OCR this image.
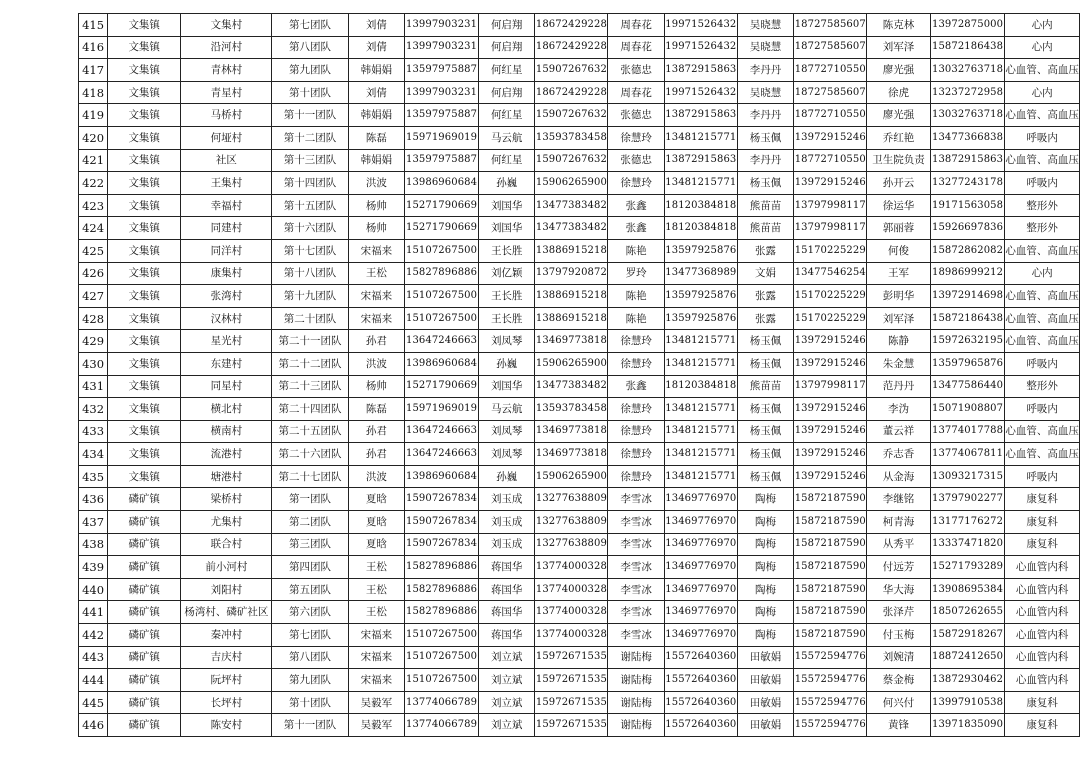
415	文集镇	文集村	第七团队	刘倩	13997903231	何启翔	18672429228	周春花	19971526432	吴晓慧	18727585607	陈克林	13972875000	心内
416	文集镇	沿河村	第八团队	刘倩	13997903231	何启翔	18672429228	周春花	19971526432	吴晓慧	18727585607	刘军泽	15872186438	心内
417	文集镇	青林村	第九团队	韩娟娟	13597975887	何红星	15907267632	张德忠	13872915863	李丹丹	18772710550	廖光强	13032763718	心血管、高血压
418	文集镇	青星村	第十团队	刘倩	13997903231	何启翔	18672429228	周春花	19971526432	吴晓慧	18727585607	徐虎	13237272958	心内
419	文集镇	马桥村	第十一团队	韩娟娟	13597975887	何红星	15907267632	张德忠	13872915863	李丹丹	18772710550	廖光强	13032763718	心血管、高血压
420	文集镇	何垭村	第十二团队	陈磊	15971969019	马云航	13593783458	徐慧玲	13481215771	杨玉佩	13972915246	乔红艳	13477366838	呼吸内
421	文集镇	社区	第十三团队	韩娟娟	13597975887	何红星	15907267632	张德忠	13872915863	李丹丹	18772710550	卫生院负责	13872915863	心血管、高血压
422	文集镇	王集村	第十四团队	洪波	13986960684	孙巍	15906265900	徐慧玲	13481215771	杨玉佩	13972915246	孙开云	13277243178	呼吸内
423	文集镇	幸福村	第十五团队	杨帅	15271790669	刘国华	13477383482	张鑫	18120384818	熊苗苗	13797998117	徐运华	19171563058	整形外
424	文集镇	同建村	第十六团队	杨帅	15271790669	刘国华	13477383482	张鑫	18120384818	熊苗苗	13797998117	郭丽蓉	15926697836	整形外
425	文集镇	同洋村	第十七团队	宋福来	15107267500	王长胜	13886915218	陈艳	13597925876	张露	15170225229	何俊	15872862082	心血管、高血压
426	文集镇	康集村	第十八团队	王松	15827896886	刘亿颖	13797920872	罗玲	13477368989	文娟	13477546254	王军	18986999212	心内
427	文集镇	张湾村	第十九团队	宋福来	15107267500	王长胜	13886915218	陈艳	13597925876	张露	15170225229	彭明华	13972914698	心血管、高血压
428	文集镇	汉林村	第二十团队	宋福来	15107267500	王长胜	13886915218	陈艳	13597925876	张露	15170225229	刘军泽	15872186438	心血管、高血压
429	文集镇	星光村	第二十一团队	孙君	13647246663	刘凤琴	13469773818	徐慧玲	13481215771	杨玉佩	13972915246	陈静	15972632195	心血管、高血压
430	文集镇	东建村	第二十二团队	洪波	13986960684	孙巍	15906265900	徐慧玲	13481215771	杨玉佩	13972915246	朱金慧	13597965876	呼吸内
431	文集镇	同星村	第二十三团队	杨帅	15271790669	刘国华	13477383482	张鑫	18120384818	熊苗苗	13797998117	范丹丹	13477586440	整形外
432	文集镇	横北村	第二十四团队	陈磊	15971969019	马云航	13593783458	徐慧玲	13481215771	杨玉佩	13972915246	李沩	15071908807	呼吸内
433	文集镇	横南村	第二十五团队	孙君	13647246663	刘凤琴	13469773818	徐慧玲	13481215771	杨玉佩	13972915246	董云祥	13774017788	心血管、高血压
434	文集镇	流港村	第二十六团队	孙君	13647246663	刘凤琴	13469773818	徐慧玲	13481215771	杨玉佩	13972915246	乔志香	13774067811	心血管、高血压
435	文集镇	塘港村	第二十七团队	洪波	13986960684	孙巍	15906265900	徐慧玲	13481215771	杨玉佩	13972915246	从金海	13093217315	呼吸内
436	磷矿镇	梁桥村	第一团队	夏晗	15907267834	刘玉成	13277638809	李雪冰	13469776970	陶梅	15872187590	李继铭	13797902277	康复科
437	磷矿镇	尤集村	第二团队	夏晗	15907267834	刘玉成	13277638809	李雪冰	13469776970	陶梅	15872187590	柯青海	13177176272	康复科
438	磷矿镇	联合村	第三团队	夏晗	15907267834	刘玉成	13277638809	李雪冰	13469776970	陶梅	15872187590	从秀平	13337471820	康复科
439	磷矿镇	前小河村	第四团队	王松	15827896886	蒋国华	13774000328	李雪冰	13469776970	陶梅	15872187590	付远芳	15271793289	心血管内科
440	磷矿镇	刘阳村	第五团队	王松	15827896886	蒋国华	13774000328	李雪冰	13469776970	陶梅	15872187590	华大海	13908695384	心血管内科
441	磷矿镇	杨湾村、磷矿社区	第六团队	王松	15827896886	蒋国华	13774000328	李雪冰	13469776970	陶梅	15872187590	张泽芹	18507262655	心血管内科
442	磷矿镇	秦冲村	第七团队	宋福来	15107267500	蒋国华	13774000328	李雪冰	13469776970	陶梅	15872187590	付玉梅	15872918267	心血管内科
443	磷矿镇	吉庆村	第八团队	宋福来	15107267500	刘立斌	15972671535	谢陆梅	15572640360	田敏娟	15572594776	刘婉清	18872412650	心血管内科
444	磷矿镇	阮坪村	第九团队	宋福来	15107267500	刘立斌	15972671535	谢陆梅	15572640360	田敏娟	15572594776	蔡金梅	13872930462	心血管内科
445	磷矿镇	长坪村	第十团队	吴毅军	13774066789	刘立斌	15972671535	谢陆梅	15572640360	田敏娟	15572594776	何兴付	13997910538	康复科
446	磷矿镇	陈安村	第十一团队	吴毅军	13774066789	刘立斌	15972671535	谢陆梅	15572640360	田敏娟	15572594776	黄锋	13971835090	康复科
